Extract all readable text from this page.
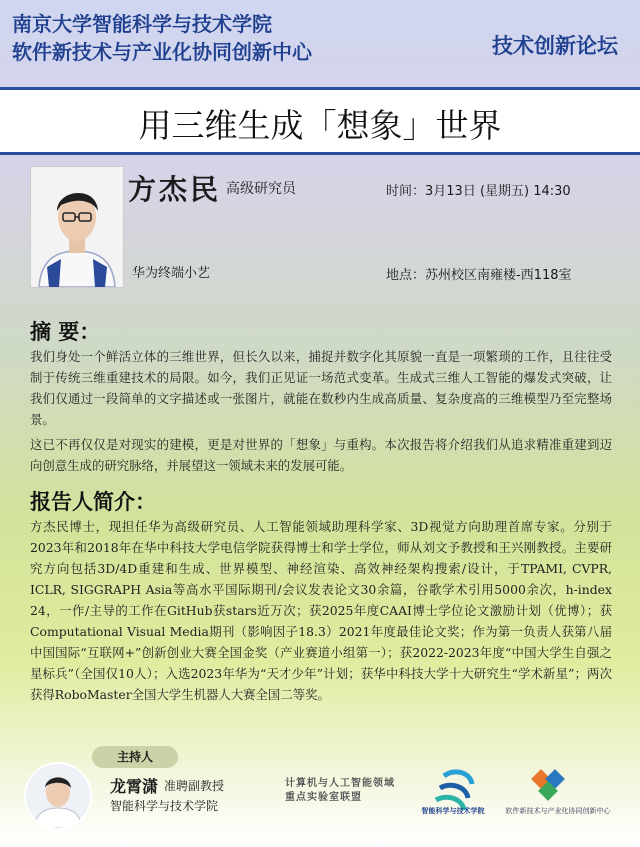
南京大学智能科学与技术学院
软件新技术与产业化协同创新中心	技术创新论坛
用三维生成「想象」世界
方杰民 高级研究员
华为终端小艺
时间：3月13日 (星期五) 14:30
地点：苏州校区南雍楼-西118室
摘 要：
我们身处一个鲜活立体的三维世界，但长久以来，捕捉并数字化其原貌一直是一项繁琐的工作，且往往受制于传统三维重建技术的局限。如今，我们正见证一场范式变革。生成式三维人工智能的爆发式突破，让我们仅通过一段简单的文字描述或一张图片，就能在数秒内生成高质量、复杂度高的三维模型乃至完整场景。
这已不再仅仅是对现实的建模，更是对世界的「想象」与重构。本次报告将介绍我们从追求精准重建到迈向创意生成的研究脉络，并展望这一领域未来的发展可能。
报告人简介：
方杰民博士，现担任华为高级研究员、人工智能领域助理科学家、3D视觉方向助理首席专家。分别于2023年和2018年在华中科技大学电信学院获得博士和学士学位，师从刘文予教授和王兴刚教授。主要研究方向包括3D/4D重建和生成、世界模型、神经渲染、高效神经架构搜索/设计，于TPAMI, CVPR, ICLR, SIGGRAPH Asia等高水平国际期刊/会议发表论文30余篇，谷歌学术引用5000余次，h-index 24，一作/主导的工作在GitHub获stars近万次；获2025年度CAAI博士学位论文激励计划（优博）；获Computational Visual Media期刊（影响因子18.3）2021年度最佳论文奖；作为第一负责人获第八届中国国际“互联网+”创新创业大赛全国金奖（产业赛道小组第一）；获2022-2023年度“中国大学生自强之星标兵”（全国仅10人）；入选2023年华为“天才少年”计划；获华中科技大学十大研究生“学术新星”；两次获得RoboMaster全国大学生机器人大赛全国二等奖。
主持人
龙霄潇 准聘副教授
智能科学与技术学院
计算机与人工智能领域
重点实验室联盟
智能科学与技术学院	软件新技术与产业化协同创新中心
